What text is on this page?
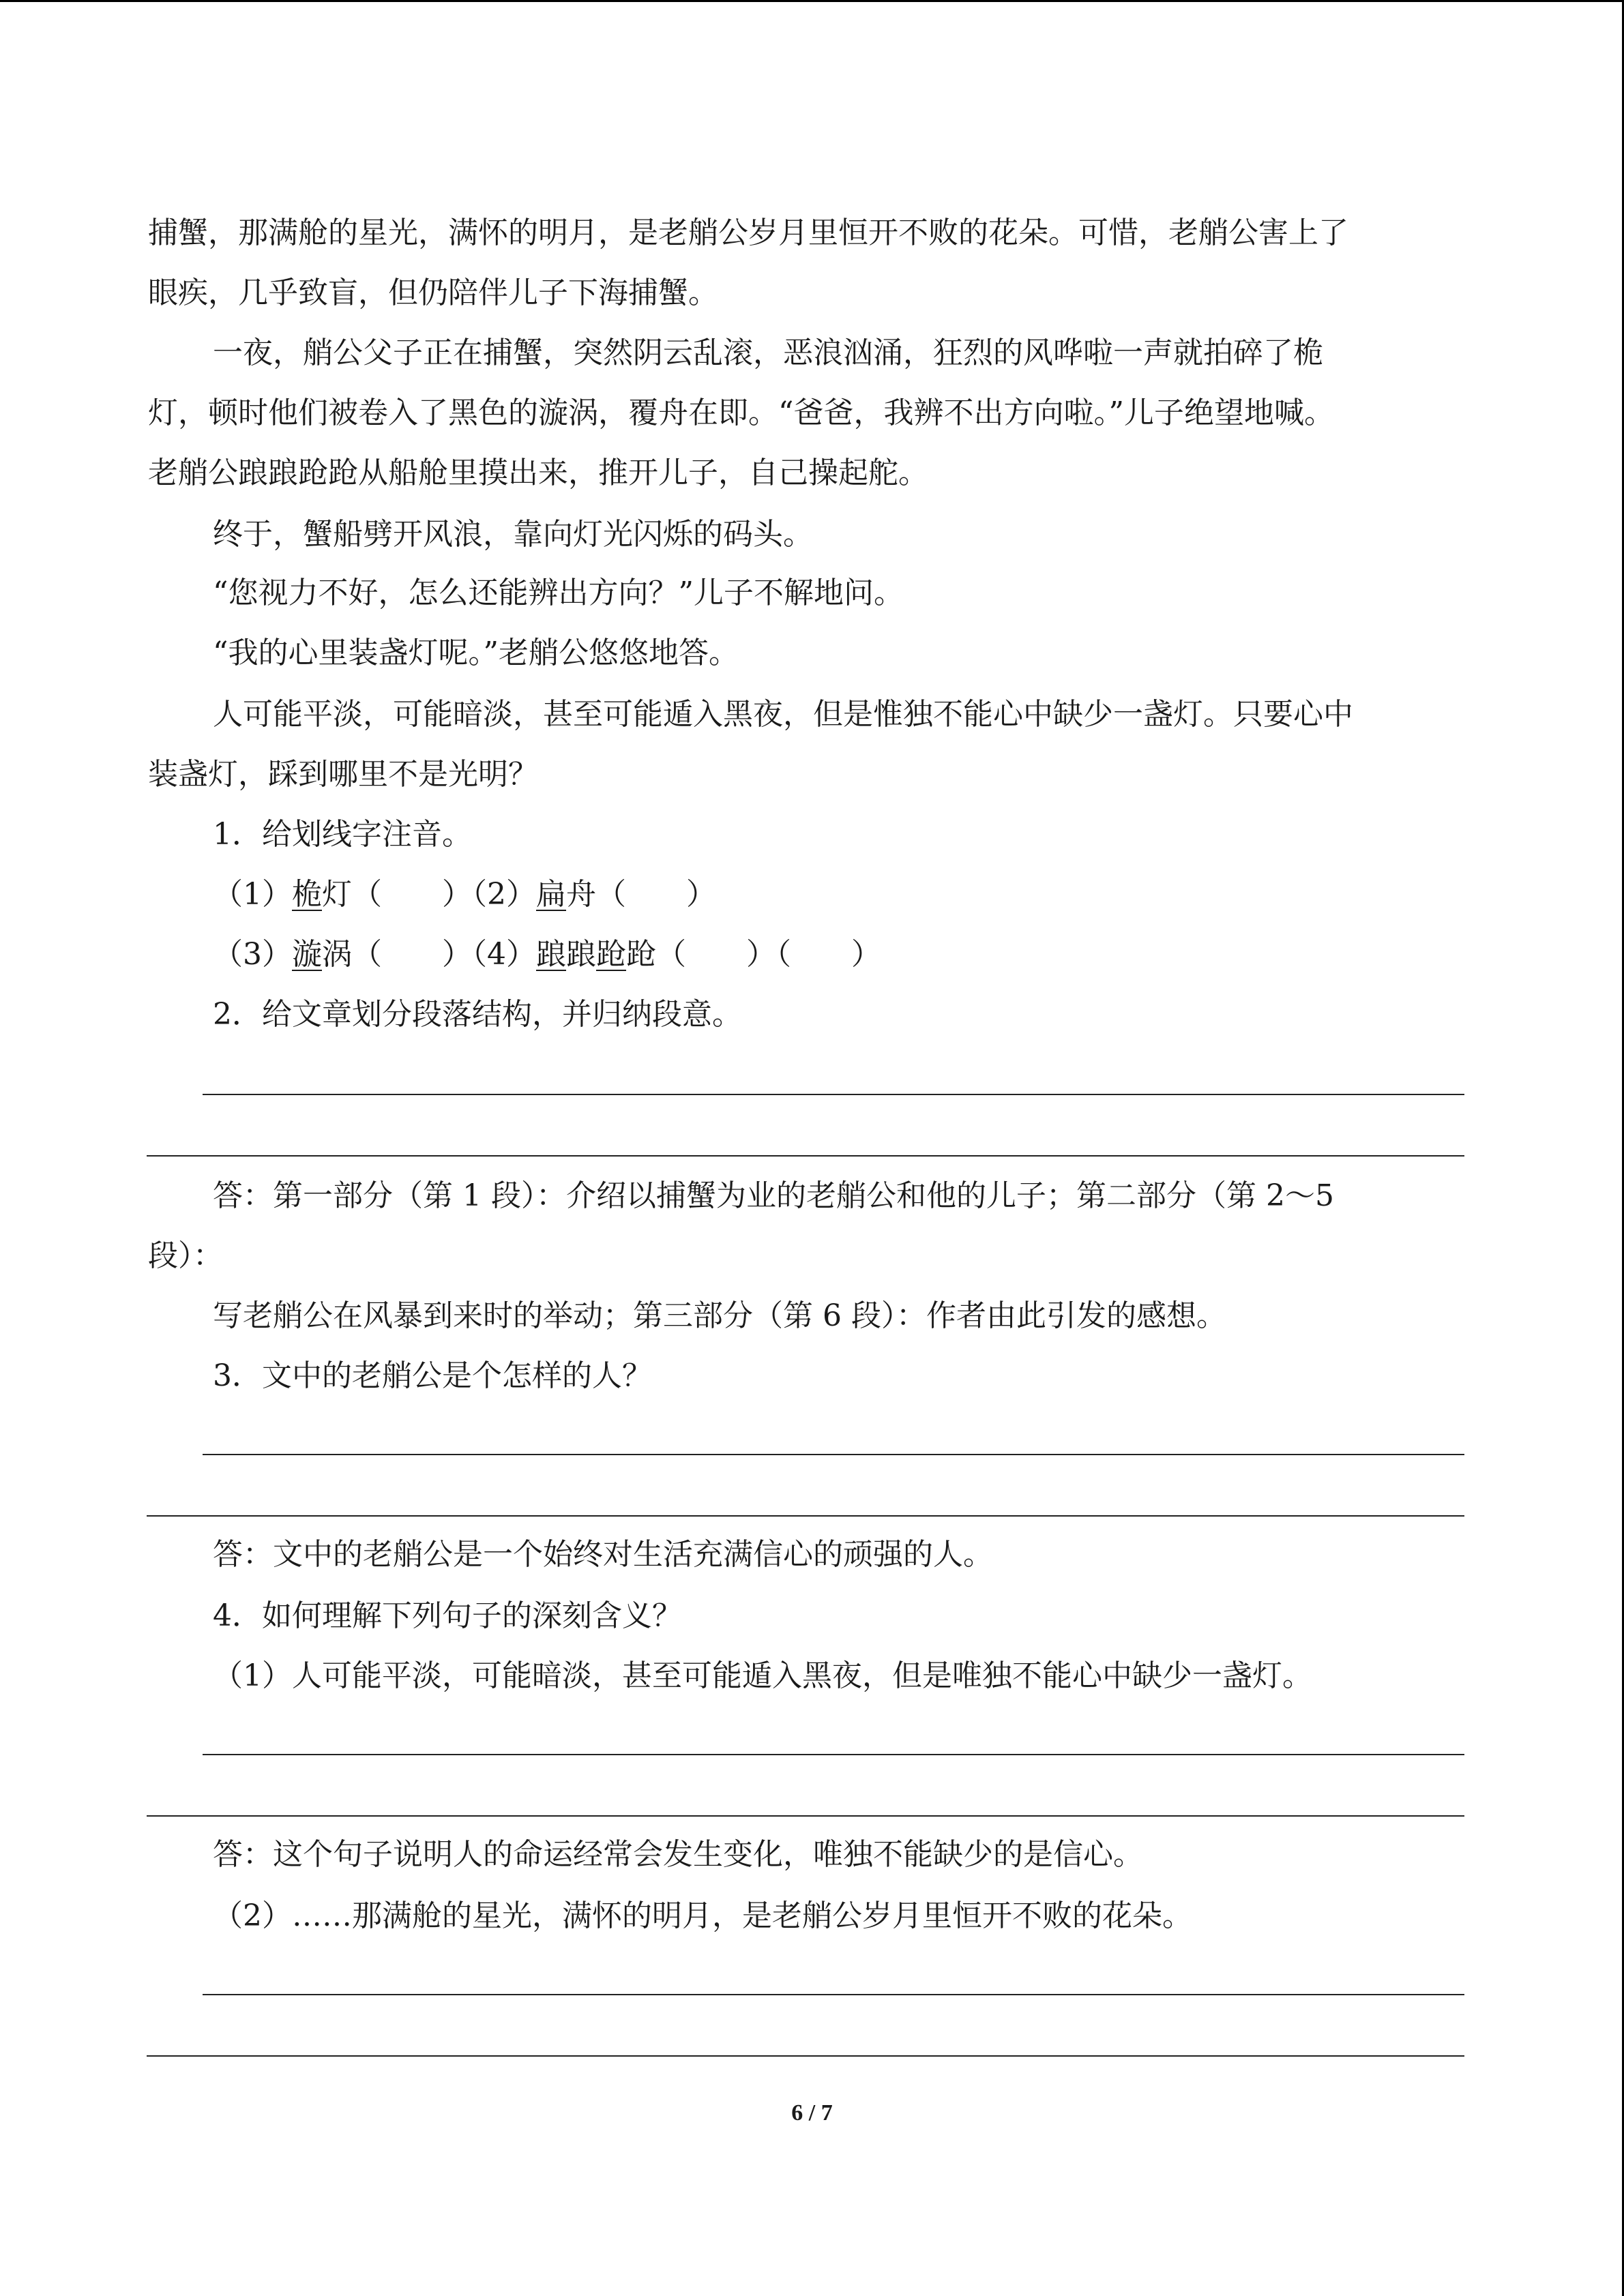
捕蟹，那满舱的星光，满怀的明月，是老艄公岁月里恒开不败的花朵。可惜，老艄公害上了
眼疾，几乎致盲，但仍陪伴儿子下海捕蟹。
一夜，艄公父子正在捕蟹，突然阴云乱滚，恶浪汹涌，狂烈的风哗啦一声就拍碎了桅
灯，顿时他们被卷入了黑色的漩涡，覆舟在即。“爸爸，我辨不出方向啦。”儿子绝望地喊。
老艄公踉踉跄跄从船舱里摸出来，推开儿子，自己操起舵。
终于，蟹船劈开风浪，靠向灯光闪烁的码头。
“您视力不好，怎么还能辨出方向？”儿子不解地问。
“我的心里装盏灯呢。”老艄公悠悠地答。
人可能平淡，可能暗淡，甚至可能遁入黑夜，但是惟独不能心中缺少一盏灯。只要心中
装盏灯，踩到哪里不是光明？
1．给划线字注音。
（1）桅灯（　　）（2）扁舟（　　）
（3）漩涡（　　）（4）踉踉跄跄（　　）（　　）
2．给文章划分段落结构，并归纳段意。
答：第一部分（第 1 段）：介绍以捕蟹为业的老艄公和他的儿子；第二部分（第 2～5
段）：
写老艄公在风暴到来时的举动；第三部分（第 6 段）：作者由此引发的感想。
3．文中的老艄公是个怎样的人？
答：文中的老艄公是一个始终对生活充满信心的顽强的人。
4．如何理解下列句子的深刻含义？
（1）人可能平淡，可能暗淡，甚至可能遁入黑夜，但是唯独不能心中缺少一盏灯。
答：这个句子说明人的命运经常会发生变化，唯独不能缺少的是信心。
（2）……那满舱的星光，满怀的明月，是老艄公岁月里恒开不败的花朵。
6 / 7
